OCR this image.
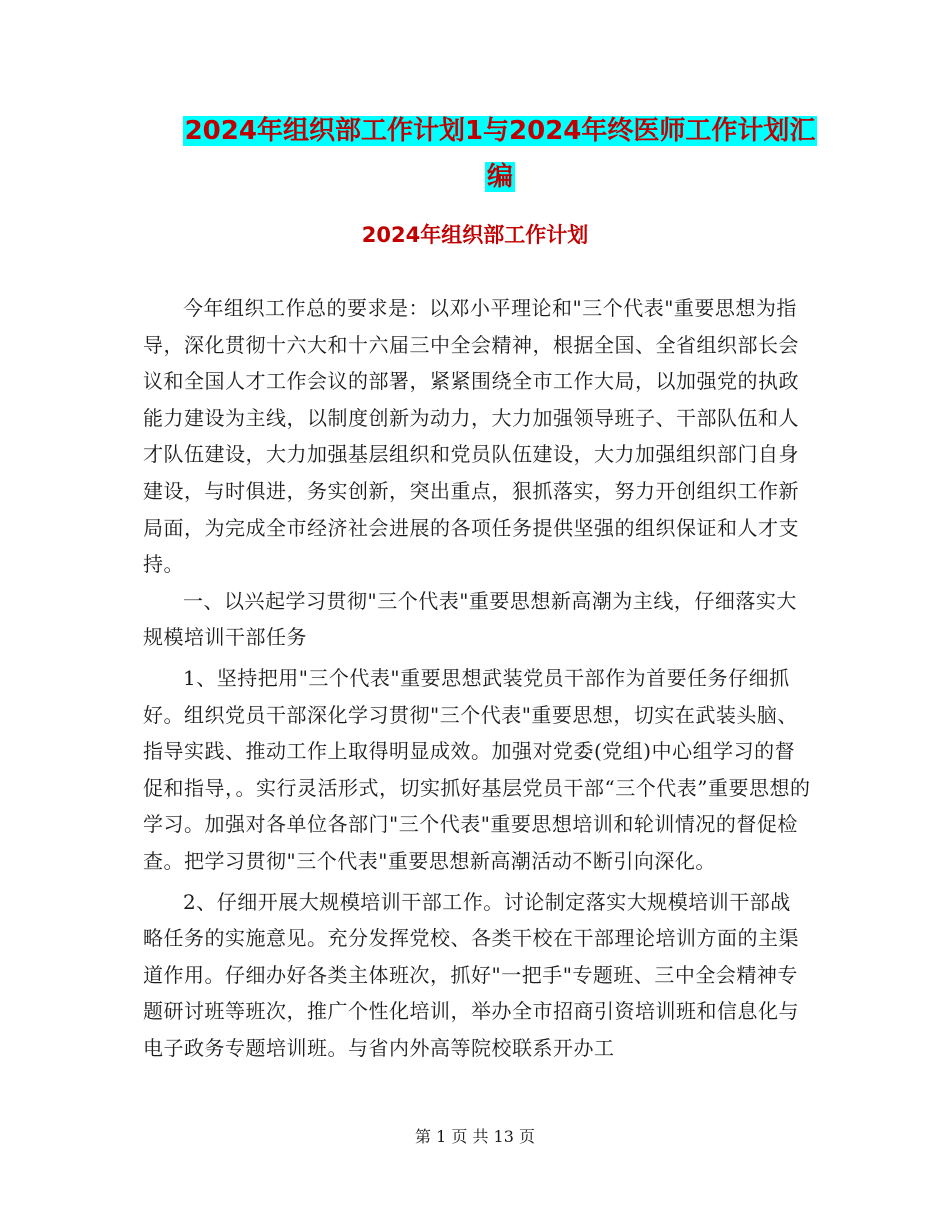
2024年组织部工作计划1与2024年终医师工作计划汇
编
2024年组织部工作计划

今年组织工作总的要求是：以邓小平理论和"三个代表"重要思想为指导，深化贯彻十六大和十六届三中全会精神，根据全国、全省组织部长会议和全国人才工作会议的部署，紧紧围绕全市工作大局，以加强党的执政能力建设为主线，以制度创新为动力，大力加强领导班子、干部队伍和人才队伍建设，大力加强基层组织和党员队伍建设，大力加强组织部门自身建设，与时俱进，务实创新，突出重点，狠抓落实，努力开创组织工作新局面，为完成全市经济社会进展的各项任务提供坚强的组织保证和人才支持。

一、以兴起学习贯彻"三个代表"重要思想新高潮为主线，仔细落实大规模培训干部任务

1、坚持把用"三个代表"重要思想武装党员干部作为首要任务仔细抓好。组织党员干部深化学习贯彻"三个代表"重要思想，切实在武装头脑、指导实践、推动工作上取得明显成效。加强对党委(党组)中心组学习的督促和指导，。实行灵活形式，切实抓好基层党员干部“三个代表”重要思想的学习。加强对各单位各部门"三个代表"重要思想培训和轮训情况的督促检查。把学习贯彻"三个代表"重要思想新高潮活动不断引向深化。

2、仔细开展大规模培训干部工作。讨论制定落实大规模培训干部战略任务的实施意见。充分发挥党校、各类干校在干部理论培训方面的主渠道作用。仔细办好各类主体班次，抓好"一把手"专题班、三中全会精神专题研讨班等班次，推广个性化培训，举办全市招商引资培训班和信息化与电子政务专题培训班。与省内外高等院校联系开办工

第 1 页 共 13 页
